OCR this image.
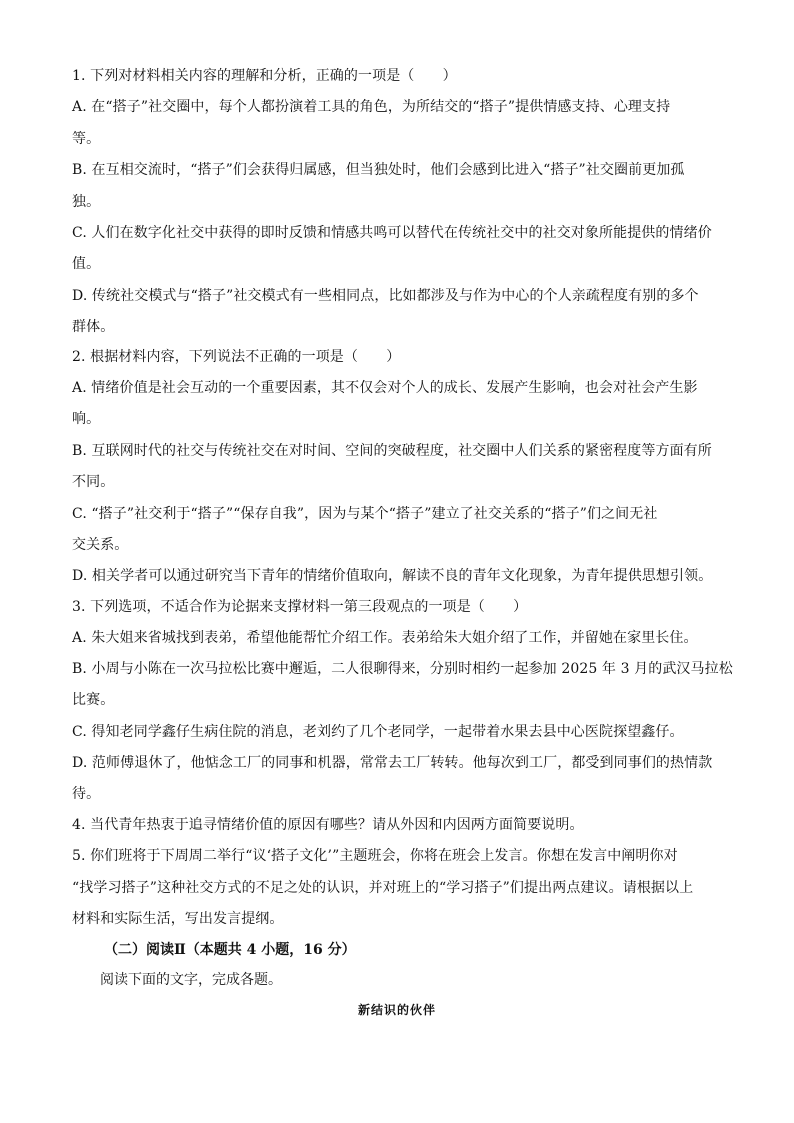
1. 下列对材料相关内容的理解和分析，正确的一项是（　　）
A. 在“搭子”社交圈中，每个人都扮演着工具的角色，为所结交的“搭子”提供情感支持、心理支持
等。
B. 在互相交流时，“搭子”们会获得归属感，但当独处时，他们会感到比进入“搭子”社交圈前更加孤
独。
C. 人们在数字化社交中获得的即时反馈和情感共鸣可以替代在传统社交中的社交对象所能提供的情绪价
值。
D. 传统社交模式与“搭子”社交模式有一些相同点，比如都涉及与作为中心的个人亲疏程度有别的多个
群体。
2. 根据材料内容，下列说法不正确的一项是（　　）
A. 情绪价值是社会互动的一个重要因素，其不仅会对个人的成长、发展产生影响，也会对社会产生影
响。
B. 互联网时代的社交与传统社交在对时间、空间的突破程度，社交圈中人们关系的紧密程度等方面有所
不同。
C. “搭子”社交利于“搭子”“保存自我”，因为与某个“搭子”建立了社交关系的“搭子”们之间无社
交关系。
D. 相关学者可以通过研究当下青年的情绪价值取向，解读不良的青年文化现象，为青年提供思想引领。
3. 下列选项，不适合作为论据来支撑材料一第三段观点的一项是（　　）
A. 朱大姐来省城找到表弟，希望他能帮忙介绍工作。表弟给朱大姐介绍了工作，并留她在家里长住。
B. 小周与小陈在一次马拉松比赛中邂逅，二人很聊得来，分别时相约一起参加 2025 年 3 月的武汉马拉松
比赛。
C. 得知老同学鑫仔生病住院的消息，老刘约了几个老同学，一起带着水果去县中心医院探望鑫仔。
D. 范师傅退休了，他惦念工厂的同事和机器，常常去工厂转转。他每次到工厂，都受到同事们的热情款
待。
4. 当代青年热衷于追寻情绪价值的原因有哪些？请从外因和内因两方面简要说明。
5. 你们班将于下周周二举行“议‘搭子文化’”主题班会，你将在班会上发言。你想在发言中阐明你对
“找学习搭子”这种社交方式的不足之处的认识，并对班上的“学习搭子”们提出两点建议。请根据以上
材料和实际生活，写出发言提纲。
（二）阅读Ⅱ（本题共 4 小题，16 分）
阅读下面的文字，完成各题。
新结识的伙伴
